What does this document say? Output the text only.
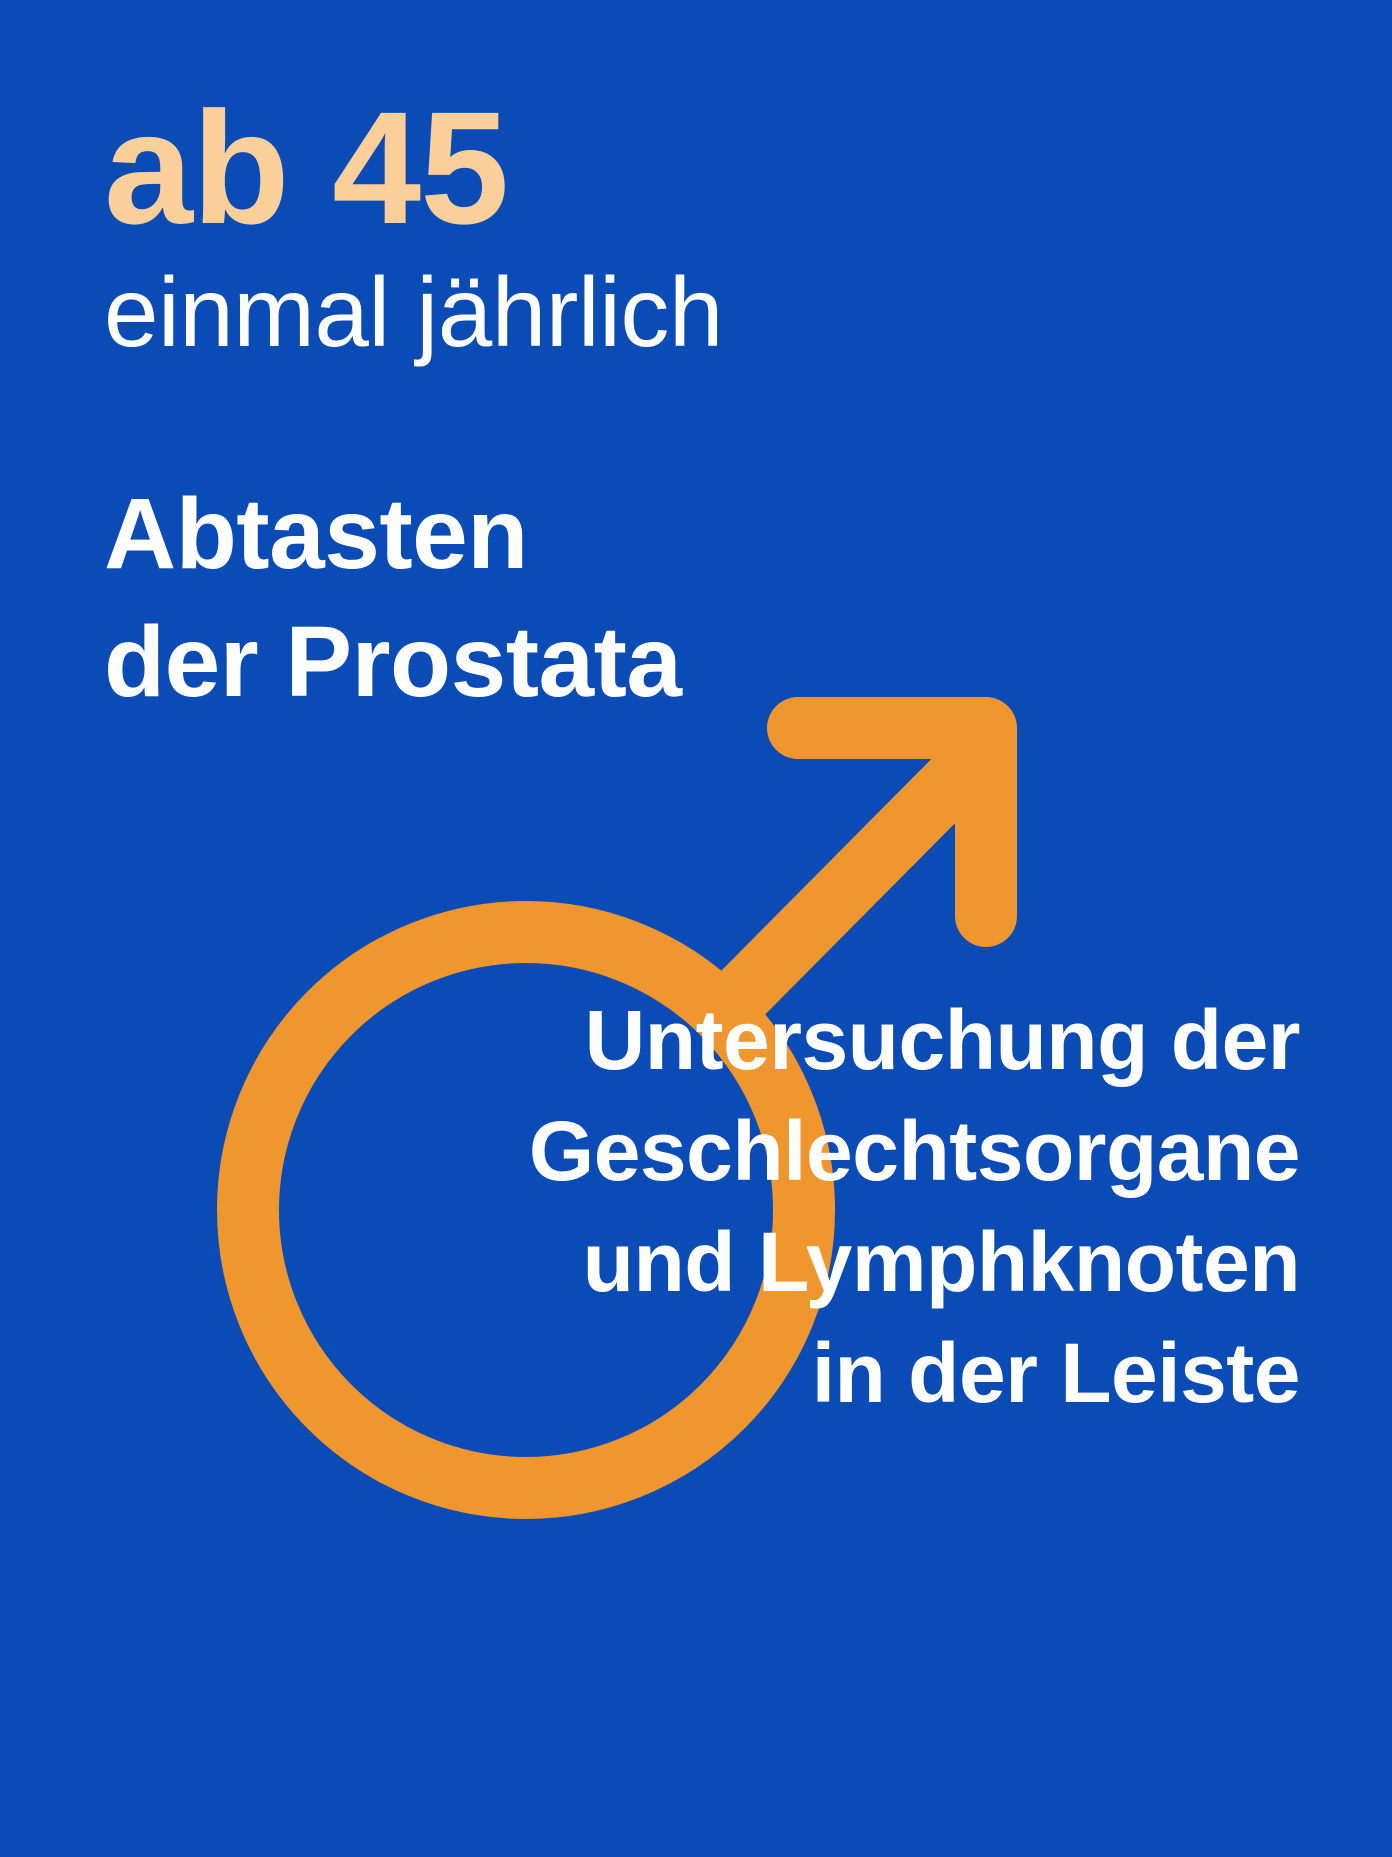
ab 45
einmal jährlich
Abtasten
der Prostata
Untersuchung der
Geschlechtsorgane
und Lymphknoten
in der Leiste
